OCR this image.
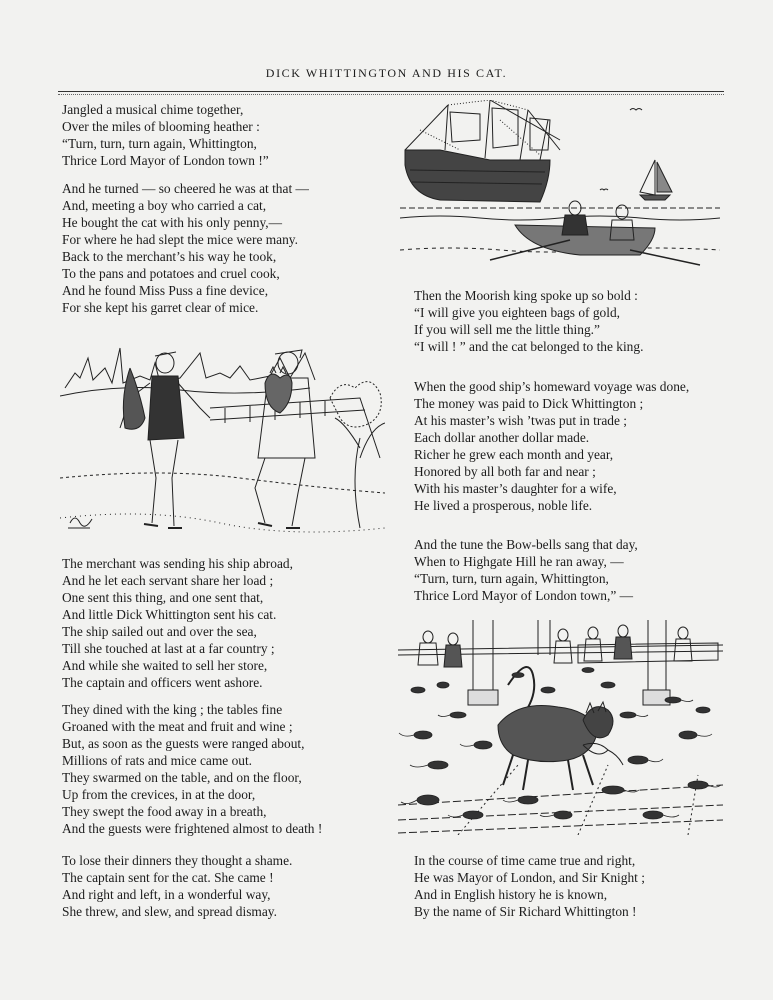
DICK WHITTINGTON AND HIS CAT.
Jangled a musical chime together,
Over the miles of blooming heather :
“Turn, turn, turn again, Whittington,
Thrice Lord Mayor of London town !”
And he turned — so cheered he was at that —
And, meeting a boy who carried a cat,
He bought the cat with his only penny,—
For where he had slept the mice were many.
Back to the merchant’s his way he took,
To the pans and potatoes and cruel cook,
And he found Miss Puss a fine device,
For she kept his garret clear of mice.
The merchant was sending his ship abroad,
And he let each servant share her load ;
One sent this thing, and one sent that,
And little Dick Whittington sent his cat.
The ship sailed out and over the sea,
Till she touched at last at a far country ;
And while she waited to sell her store,
The captain and officers went ashore.
They dined with the king ; the tables fine
Groaned with the meat and fruit and wine ;
But, as soon as the guests were ranged about,
Millions of rats and mice came out.
They swarmed on the table, and on the floor,
Up from the crevices, in at the door,
They swept the food away in a breath,
And the guests were frightened almost to death !
To lose their dinners they thought a shame.
The captain sent for the cat. She came !
And right and left, in a wonderful way,
She threw, and slew, and spread dismay.
Then the Moorish king spoke up so bold :
“I will give you eighteen bags of gold,
If you will sell me the little thing.”
“I will ! ” and the cat belonged to the king.
When the good ship’s homeward voyage was done,
The money was paid to Dick Whittington ;
At his master’s wish ’twas put in trade ;
Each dollar another dollar made.
Richer he grew each month and year,
Honored by all both far and near ;
With his master’s daughter for a wife,
He lived a prosperous, noble life.
And the tune the Bow-bells sang that day,
When to Highgate Hill he ran away, —
“Turn, turn, turn again, Whittington,
Thrice Lord Mayor of London town,” —
In the course of time came true and right,
He was Mayor of London, and Sir Knight ;
And in English history he is known,
By the name of Sir Richard Whittington !
